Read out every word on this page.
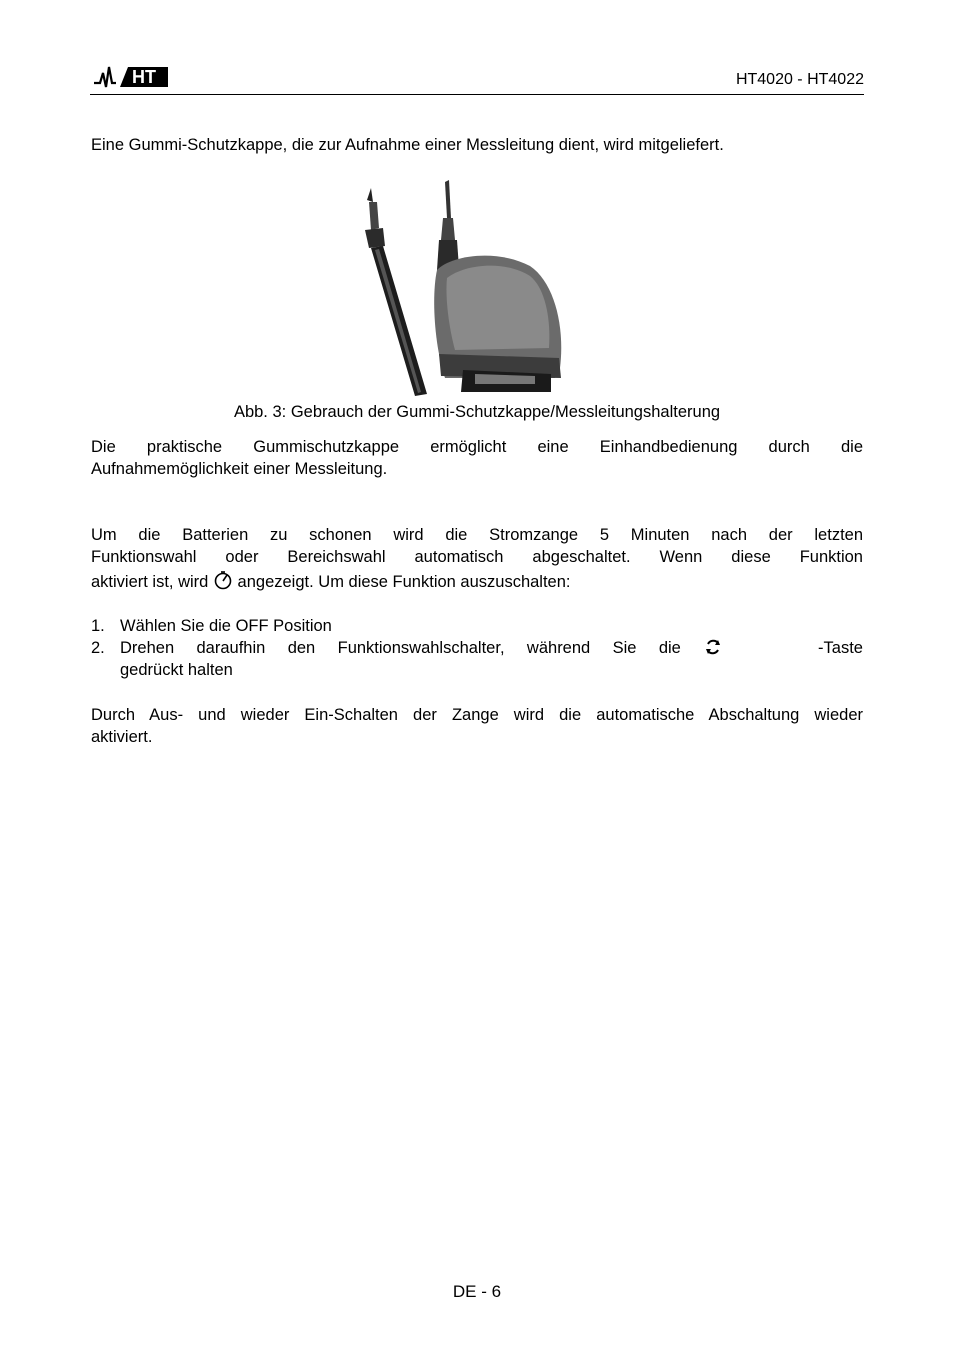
HT	HT4020 - HT4022
Eine Gummi-Schutzkappe, die zur Aufnahme einer Messleitung dient, wird mitgeliefert.
Abb. 3: Gebrauch der Gummi-Schutzkappe/Messleitungshalterung
Die praktische Gummischutzkappe ermöglicht eine Einhandbedienung durch die
Aufnahmemöglichkeit einer Messleitung.
Um die Batterien zu schonen wird die Stromzange 5 Minuten nach der letzten
Funktionswahl oder Bereichswahl automatisch abgeschaltet. Wenn diese Funktion
aktiviert ist, wird angezeigt. Um diese Funktion auszuschalten:
1. Wählen Sie die OFF Position
2. Drehen daraufhin den Funktionswahlschalter, während Sie die	-Taste
gedrückt halten
Durch Aus- und wieder Ein-Schalten der Zange wird die automatische Abschaltung wieder
aktiviert.
DE - 6
